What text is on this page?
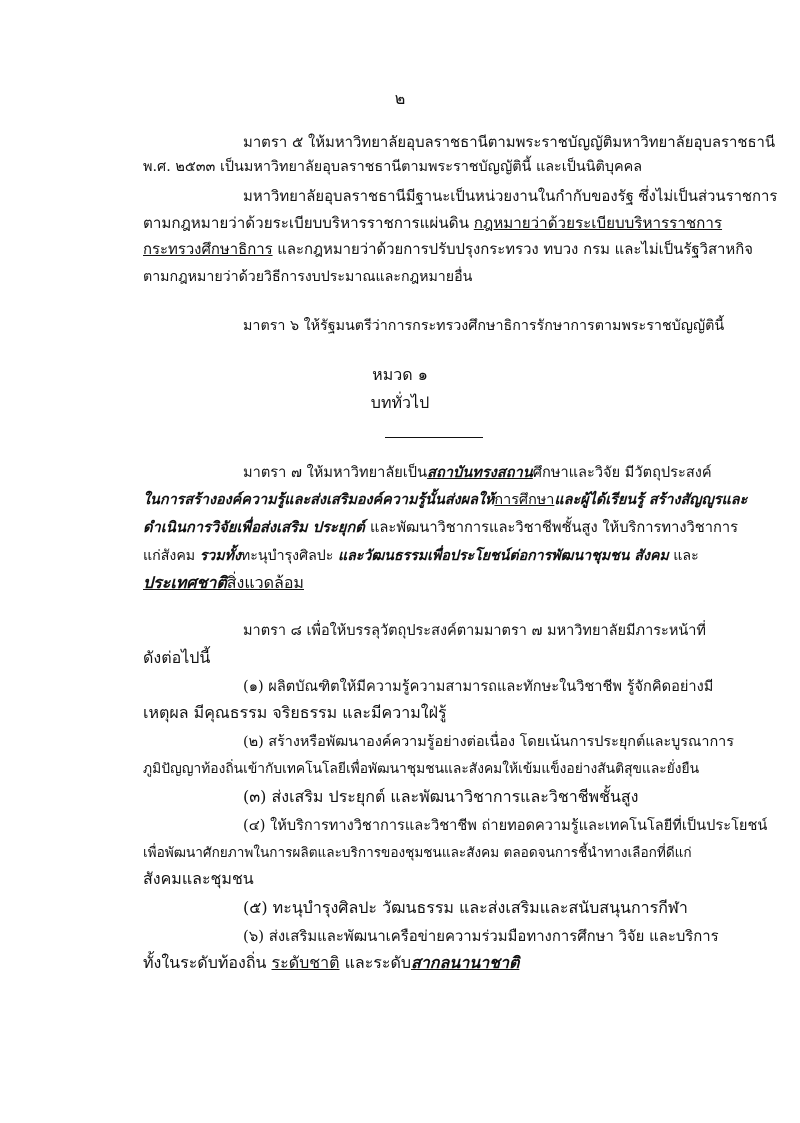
๒

มาตรา ๕ ให้มหาวิทยาลัยอุบลราชธานีตามพระราชบัญญัติมหาวิทยาลัยอุบลราชธานี

พ.ศ. ๒๕๓๓ เป็นมหาวิทยาลัยอุบลราชธานีตามพระราชบัญญัตินี้ และเป็นนิติบุคคล

มหาวิทยาลัยอุบลราชธานีมีฐานะเป็นหน่วยงานในกำกับของรัฐ ซึ่งไม่เป็นส่วนราชการ

ตามกฎหมายว่าด้วยระเบียบบริหารราชการแผ่นดิน กฎหมายว่าด้วยระเบียบบริหารราชการ

กระทรวงศึกษาธิการ และกฎหมายว่าด้วยการปรับปรุงกระทรวง ทบวง กรม และไม่เป็นรัฐวิสาหกิจ

ตามกฎหมายว่าด้วยวิธีการงบประมาณและกฎหมายอื่น

มาตรา ๖ ให้รัฐมนตรีว่าการกระทรวงศึกษาธิการรักษาการตามพระราชบัญญัตินี้

หมวด ๑

บททั่วไป

มาตรา ๗ ให้มหาวิทยาลัยเป็นสถาบันทรงสถานศึกษาและวิจัย มีวัตถุประสงค์

ในการสร้างองค์ความรู้และส่งเสริมองค์ความรู้นั้นส่งผลให้การศึกษาและผู้ได้เรียนรู้ สร้างสัญญูรและ

ดำเนินการวิจัยเพื่อส่งเสริม ประยุกต์ และพัฒนาวิชาการและวิชาชีพชั้นสูง ให้บริการทางวิชาการ

แก่สังคม รวมทั้งทะนุบำรุงศิลปะ และวัฒนธรรมเพื่อประโยชน์ต่อการพัฒนาชุมชน สังคม และ

ประเทศชาติสิ่งแวดล้อม

มาตรา ๘ เพื่อให้บรรลุวัตถุประสงค์ตามมาตรา ๗ มหาวิทยาลัยมีภาระหน้าที่

ดังต่อไปนี้

(๑) ผลิตบัณฑิตให้มีความรู้ความสามารถและทักษะในวิชาชีพ รู้จักคิดอย่างมี

เหตุผล มีคุณธรรม จริยธรรม และมีความใฝ่รู้

(๒) สร้างหรือพัฒนาองค์ความรู้อย่างต่อเนื่อง โดยเน้นการประยุกต์และบูรณาการ

ภูมิปัญญาท้องถิ่นเข้ากับเทคโนโลยีเพื่อพัฒนาชุมชนและสังคมให้เข้มแข็งอย่างสันติสุขและยั่งยืน

(๓) ส่งเสริม ประยุกต์ และพัฒนาวิชาการและวิชาชีพชั้นสูง

(๔) ให้บริการทางวิชาการและวิชาชีพ ถ่ายทอดความรู้และเทคโนโลยีที่เป็นประโยชน์

เพื่อพัฒนาศักยภาพในการผลิตและบริการของชุมชนและสังคม ตลอดจนการชี้นำทางเลือกที่ดีแก่

สังคมและชุมชน

(๕) ทะนุบำรุงศิลปะ วัฒนธรรม และส่งเสริมและสนับสนุนการกีฬา

(๖) ส่งเสริมและพัฒนาเครือข่ายความร่วมมือทางการศึกษา วิจัย และบริการ

ทั้งในระดับท้องถิ่น ระดับชาติ และระดับสากลนานาชาติ
